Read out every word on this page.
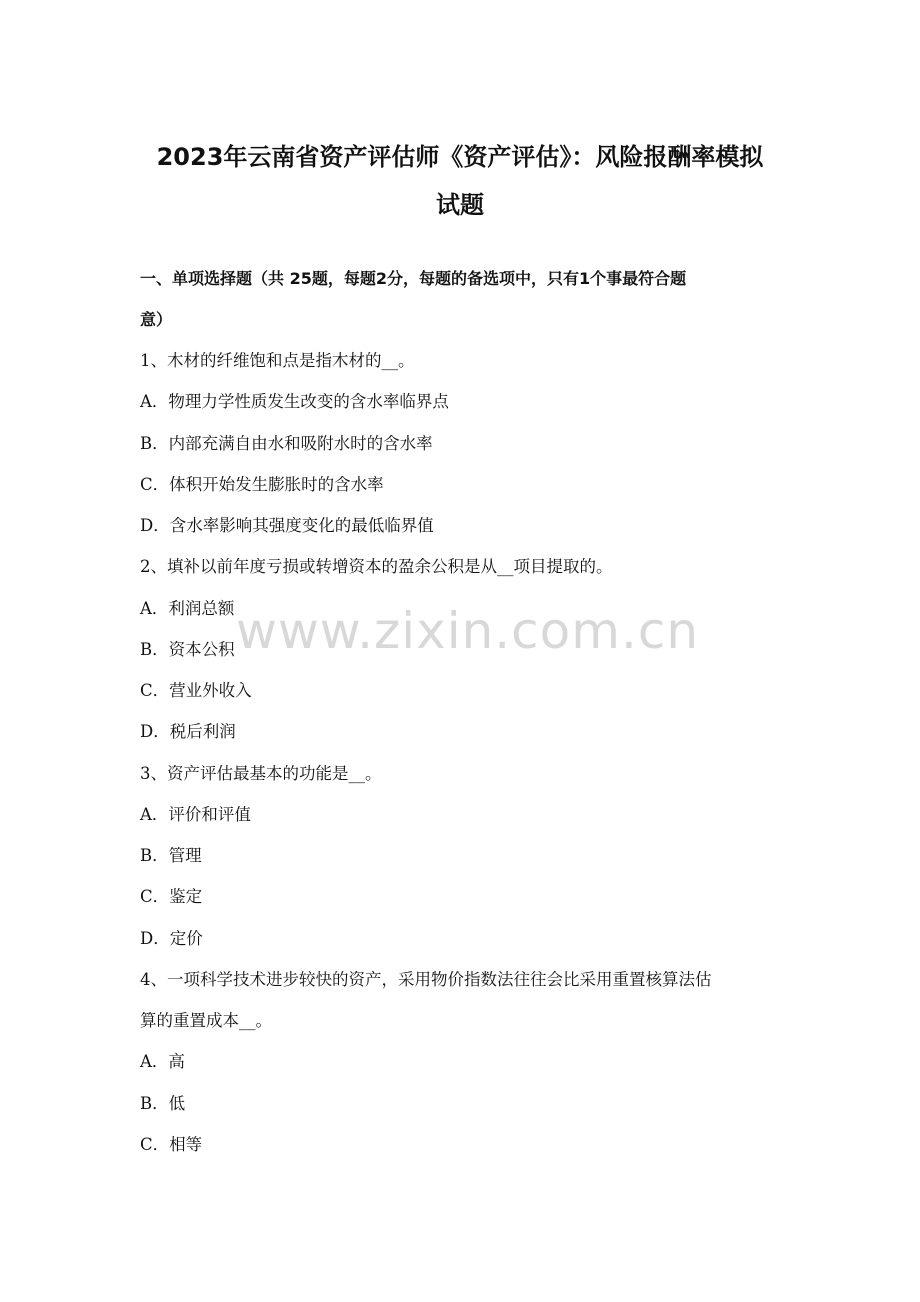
2023年云南省资产评估师《资产评估》：风险报酬率模拟
试题
一、单项选择题（共 25题，每题2分，每题的备选项中，只有1个事最符合题
意）
1、木材的纤维饱和点是指木材的__。
A．物理力学性质发生改变的含水率临界点
B．内部充满自由水和吸附水时的含水率
C．体积开始发生膨胀时的含水率
D．含水率影响其强度变化的最低临界值
2、填补以前年度亏损或转增资本的盈余公积是从__项目提取的。
A．利润总额
B．资本公积
C．营业外收入
D．税后利润
3、资产评估最基本的功能是__。
A．评价和评值
B．管理
C．鉴定
D．定价
4、一项科学技术进步较快的资产，采用物价指数法往往会比采用重置核算法估
算的重置成本__。
A．高
B．低
C．相等
www.zixin.com.cn
